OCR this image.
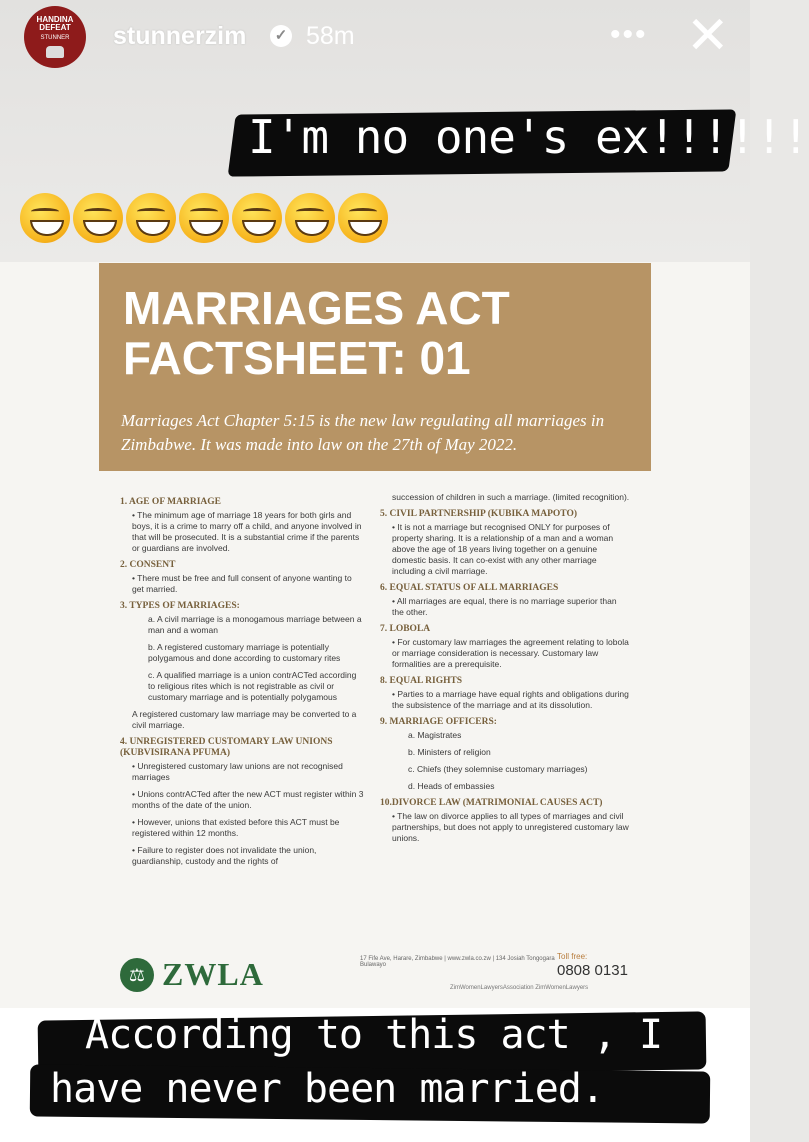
HANDINA
DEFEAT
STUNNER stunnerzim	✓ 58m	••• ✕
I'm no one's ex!!!!!!
MARRIAGES ACT FACTSHEET: 01
Marriages Act Chapter 5:15 is the new law regulating all marriages in Zimbabwe. It was made into law on the 27th of May 2022.
1. AGE OF MARRIAGE

• The minimum age of marriage 18 years for both girls and boys, it is a crime to marry off a child, and anyone involved in that will be prosecuted. It is a substantial crime if the parents or guardians are involved.

2. CONSENT

• There must be free and full consent of anyone wanting to get married.

3. TYPES OF MARRIAGES:

a. A civil marriage is a monogamous marriage between a man and a woman

b. A registered customary marriage is potentially polygamous and done according to customary rites

c. A qualified marriage is a union contrACTed according to religious rites which is not registrable as civil or customary marriage and is potentially polygamous

A registered customary law marriage may be converted to a civil marriage.

4. UNREGISTERED CUSTOMARY LAW UNIONS (KUBVISIRANA PFUMA)

• Unregistered customary law unions are not recognised marriages

• Unions contrACTed after the new ACT must register within 3 months of the date of the union.

• However, unions that existed before this ACT must be registered within 12 months.

• Failure to register does not invalidate the union, guardianship, custody and the rights of

succession of children in such a marriage. (limited recognition).

5. CIVIL PARTNERSHIP (KUBIKA MAPOTO)

• It is not a marriage but recognised ONLY for purposes of property sharing. It is a relationship of a man and a woman above the age of 18 years living together on a genuine domestic basis. It can co-exist with any other marriage including a civil marriage.

6. EQUAL STATUS OF ALL MARRIAGES

• All marriages are equal, there is no marriage superior than the other.

7. LOBOLA

• For customary law marriages the agreement relating to lobola or marriage consideration is necessary. Customary law formalities are a prerequisite.

8. EQUAL RIGHTS

• Parties to a marriage have equal rights and obligations during the subsistence of the marriage and at its dissolution.

9. MARRIAGE OFFICERS:

a. Magistrates

b. Ministers of religion

c. Chiefs (they solemnise customary marriages)

d. Heads of embassies

10.DIVORCE LAW (MATRIMONIAL CAUSES ACT)

• The law on divorce applies to all types of marriages and civil partnerships, but does not apply to unregistered customary law unions.

⚖ ZWLA	17 Fife Ave, Harare, Zimbabwe | www.zwla.co.zw | 134 Josiah Tongogara Bulawayo
Toll free:
0808 0131
ZimWomenLawyersAssociation ZimWomenLawyers
According to this act , I
have never been married.
